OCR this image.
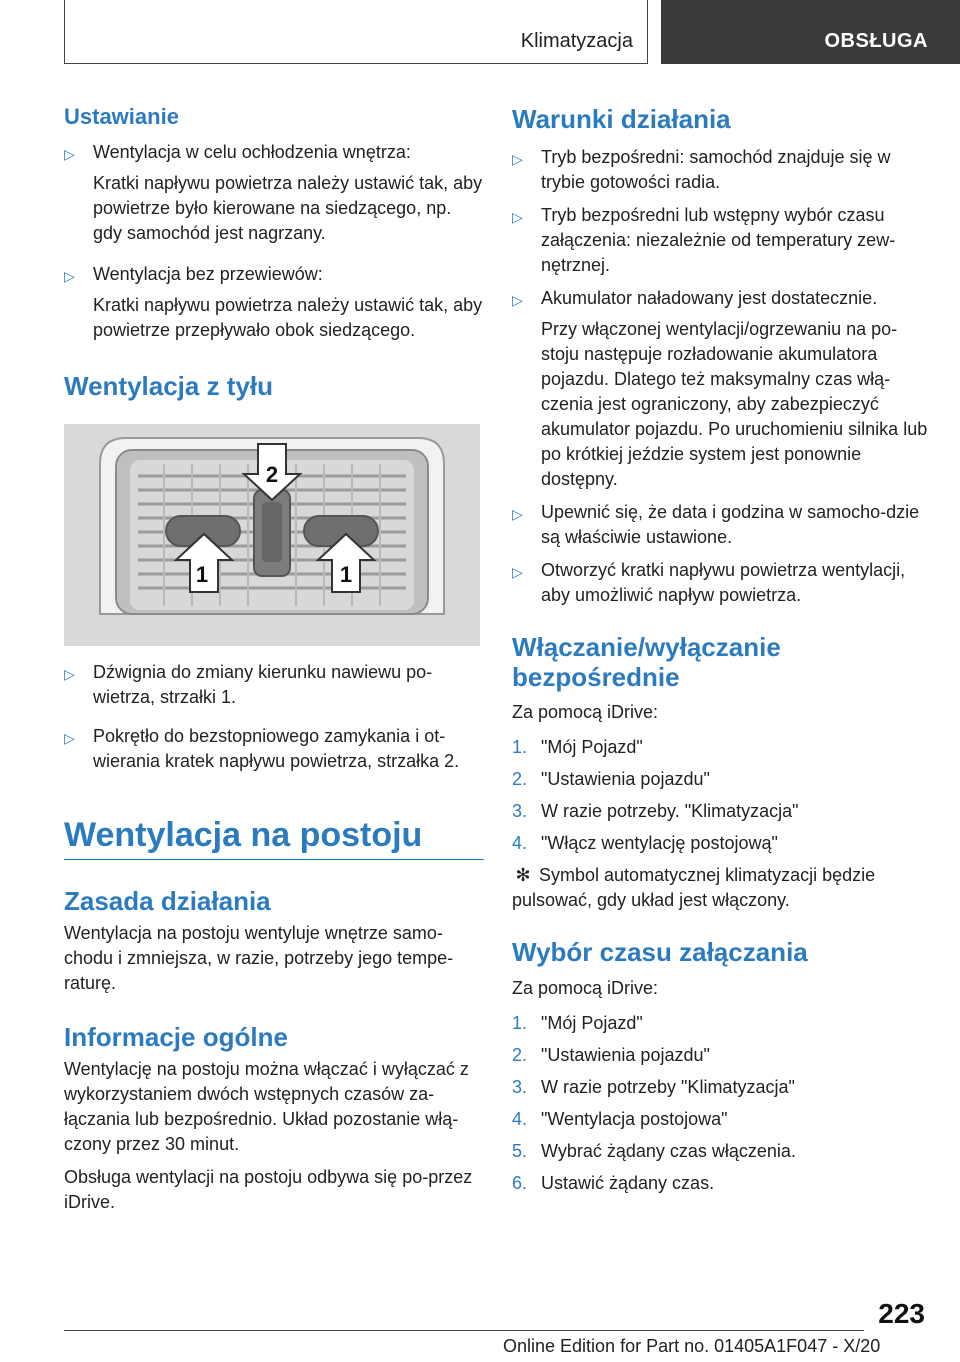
Klimatyzacja	OBSŁUGA
Ustawianie
▷ Wentylacja w celu ochłodzenia wnętrza:
Kratki napływu powietrza należy ustawić tak, aby powietrze było kierowane na siedzącego, np. gdy samochód jest nagrzany.
▷ Wentylacja bez przewiewów:
Kratki napływu powietrza należy ustawić tak, aby powietrze przepływało obok siedzącego.
Wentylacja z tyłu
1	1
2
▷ Dźwignia do zmiany kierunku nawiewu po-wietrza, strzałki 1.
▷ Pokrętło do bezstopniowego zamykania i ot-wierania kratek napływu powietrza, strzałka 2.
Wentylacja na postoju
Zasada działania

Wentylacja na postoju wentyluje wnętrze samo-chodu i zmniejsza, w razie, potrzeby jego tempe-raturę.

Informacje ogólne

Wentylację na postoju można włączać i wyłączać z wykorzystaniem dwóch wstępnych czasów za-łączania lub bezpośrednio. Układ pozostanie włą-czony przez 30 minut.

Obsługa wentylacji na postoju odbywa się po-przez iDrive.

Warunki działania
▷ Tryb bezpośredni: samochód znajduje się w trybie gotowości radia.
▷ Tryb bezpośredni lub wstępny wybór czasu załączenia: niezależnie od temperatury zew-nętrznej.
▷ Akumulator naładowany jest dostatecznie.
Przy włączonej wentylacji/ogrzewaniu na po-stoju następuje rozładowanie akumulatora pojazdu. Dlatego też maksymalny czas włą-czenia jest ograniczony, aby zabezpieczyć akumulator pojazdu. Po uruchomieniu silnika lub po krótkiej jeździe system jest ponownie dostępny.
▷ Upewnić się, że data i godzina w samocho-dzie są właściwie ustawione.
▷ Otworzyć kratki napływu powietrza wentylacji, aby umożliwić napływ powietrza.
Włączanie/wyłączanie bezpośrednie

Za pomocą iDrive:

1. "Mój Pojazd"
2. "Ustawienia pojazdu"
3. W razie potrzeby. "Klimatyzacja"
4. "Włącz wentylację postojową"

✻ Symbol automatycznej klimatyzacji będzie pulsować, gdy układ jest włączony.

Wybór czasu załączania

Za pomocą iDrive:

1. "Mój Pojazd"
2. "Ustawienia pojazdu"
3. W razie potrzeby "Klimatyzacja"
4. "Wentylacja postojowa"
5. Wybrać żądany czas włączenia.
6. Ustawić żądany czas.
223
Online Edition for Part no. 01405A1F047 - X/20
